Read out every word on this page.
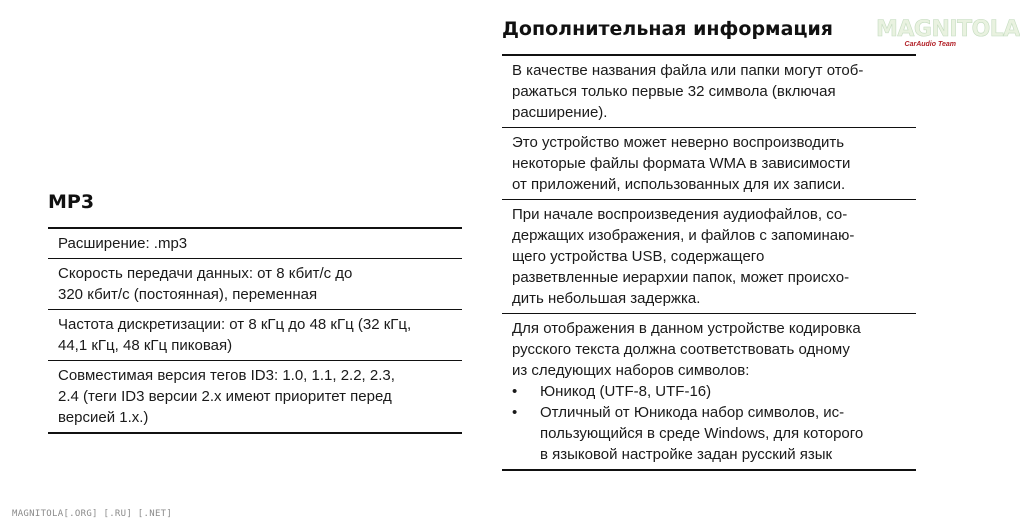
MP3
Расширение: .mp3
Скорость передачи данных: от 8 кбит/с до
320 кбит/с (постоянная), переменная
Частота дискретизации: от 8 кГц до 48 кГц (32 кГц,
44,1 кГц, 48 кГц пиковая)
Совместимая версия тегов ID3: 1.0, 1.1, 2.2, 2.3,
2.4 (теги ID3 версии 2.x имеют приоритет перед
версией 1.x.)
Дополнительная информация
В качестве названия файла или папки могут отоб-
ражаться только первые 32 символа (включая
расширение).
Это устройство может неверно воспроизводить
некоторые файлы формата WMA в зависимости
от приложений, использованных для их записи.
При начале воспроизведения аудиофайлов, со-
держащих изображения, и файлов с запоминаю-
щего устройства USB, содержащего
разветвленные иерархии папок, может происхо-
дить небольшая задержка.
Для отображения в данном устройстве кодировка
русского текста должна соответствовать одному
из следующих наборов символов:
• Юникод (UTF-8, UTF-16)
• Отличный от Юникода набор символов, ис-
пользующийся в среде Windows, для которого
в языковой настройке задан русский язык
MAGNITOLA
CarAudio Team
MAGNITOLA[.ORG] [.RU] [.NET]
